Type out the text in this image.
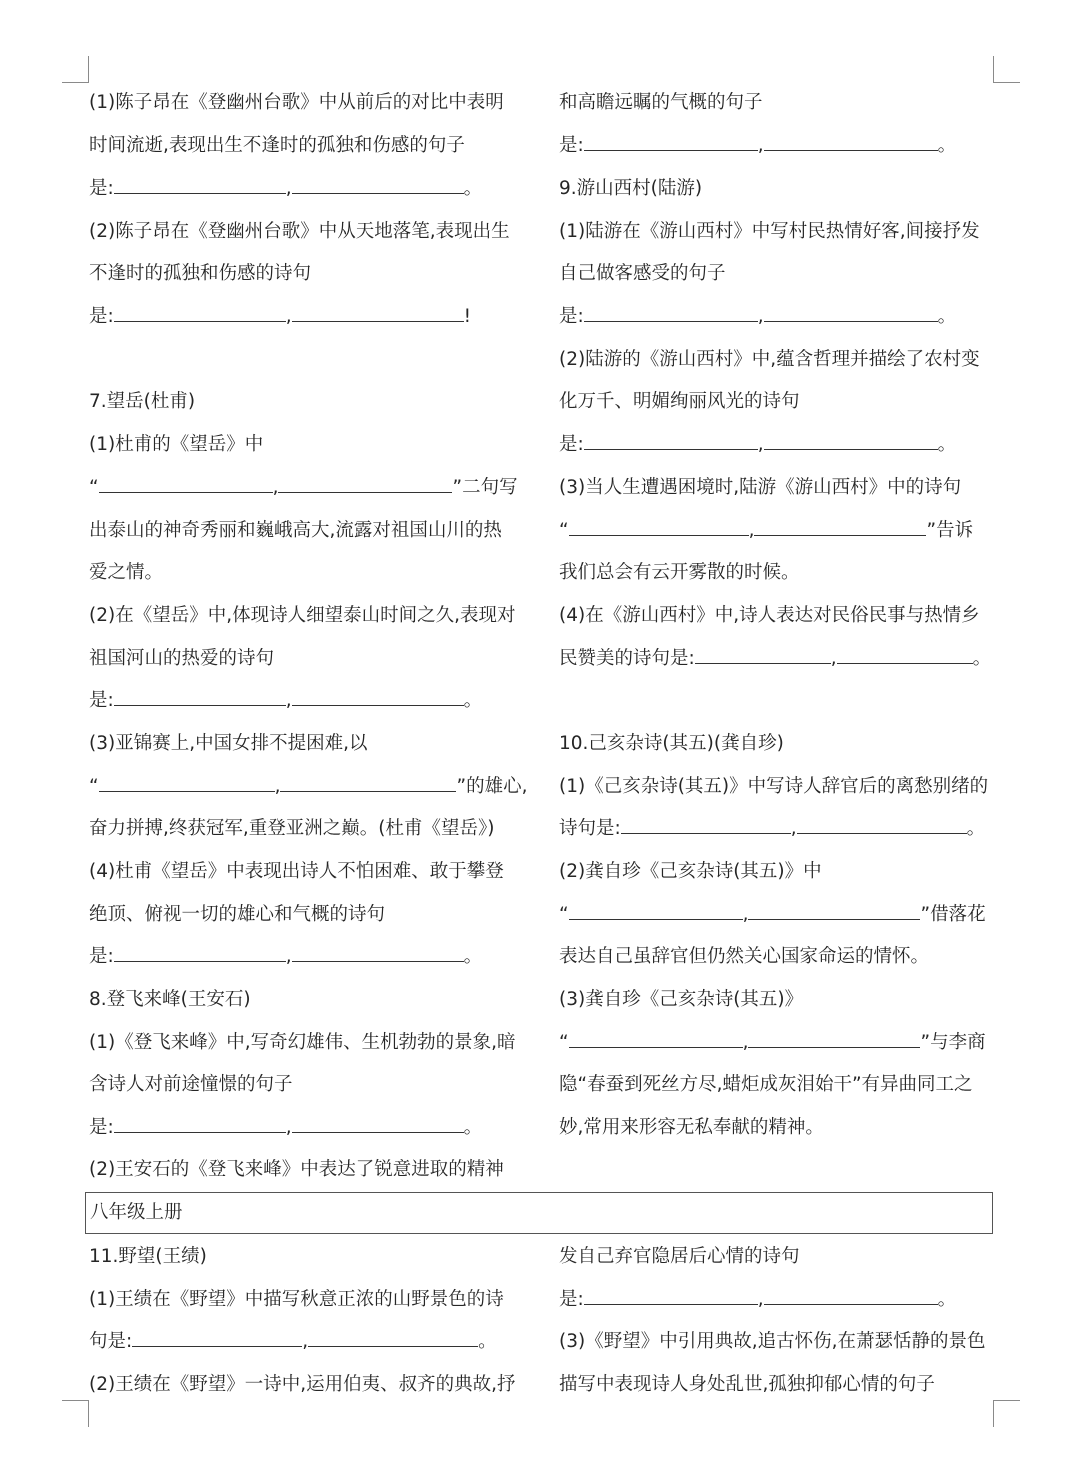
(1)陈子昂在《登幽州台歌》中从前后的对比中表明
时间流逝,表现出生不逢时的孤独和伤感的句子
是:	,	。
(2)陈子昂在《登幽州台歌》中从天地落笔,表现出生
不逢时的孤独和伤感的诗句
是:	,	!
7.望岳(杜甫)
(1)杜甫的《望岳》中
“	,	”二句写
出泰山的神奇秀丽和巍峨高大,流露对祖国山川的热
爱之情。
(2)在《望岳》中,体现诗人细望泰山时间之久,表现对
祖国河山的热爱的诗句
是:	,	。
(3)亚锦赛上,中国女排不提困难,以
“	,	”的雄心,
奋力拼搏,终获冠军,重登亚洲之巅。(杜甫《望岳》)
(4)杜甫《望岳》中表现出诗人不怕困难、敢于攀登
绝顶、俯视一切的雄心和气概的诗句
是:	,	。
8.登飞来峰(王安石)
(1)《登飞来峰》中,写奇幻雄伟、生机勃勃的景象,暗
含诗人对前途憧憬的句子
是:	,	。
(2)王安石的《登飞来峰》中表达了锐意进取的精神
和高瞻远瞩的气概的句子
是:	,	。
9.游山西村(陆游)
(1)陆游在《游山西村》中写村民热情好客,间接抒发
自己做客感受的句子
是:	,	。
(2)陆游的《游山西村》中,蕴含哲理并描绘了农村变
化万千、明媚绚丽风光的诗句
是:	,	。
(3)当人生遭遇困境时,陆游《游山西村》中的诗句
“	,	”告诉
我们总会有云开雾散的时候。
(4)在《游山西村》中,诗人表达对民俗民事与热情乡
民赞美的诗句是:	,	。
10.己亥杂诗(其五)(龚自珍)
(1)《己亥杂诗(其五)》中写诗人辞官后的离愁别绪的
诗句是:	,	。
(2)龚自珍《己亥杂诗(其五)》中
“	,	”借落花
表达自己虽辞官但仍然关心国家命运的情怀。
(3)龚自珍《己亥杂诗(其五)》
“	,	”与李商
隐“春蚕到死丝方尽,蜡炬成灰泪始干”有异曲同工之
妙,常用来形容无私奉献的精神。
八年级上册
11.野望(王绩)
(1)王绩在《野望》中描写秋意正浓的山野景色的诗
句是:	,	。
(2)王绩在《野望》一诗中,运用伯夷、叔齐的典故,抒
发自己弃官隐居后心情的诗句
是:	,	。
(3)《野望》中引用典故,追古怀伤,在萧瑟恬静的景色
描写中表现诗人身处乱世,孤独抑郁心情的句子
